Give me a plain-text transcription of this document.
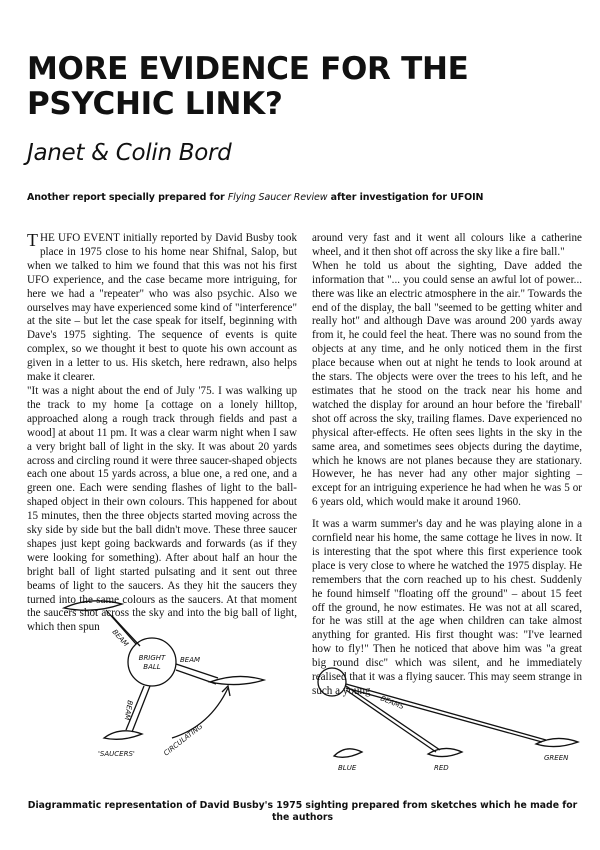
MORE EVIDENCE FOR THE PSYCHIC LINK?
Janet & Colin Bord
Another report specially prepared for Flying Saucer Review after investigation for UFOIN

THE UFO EVENT initially reported by David Busby took place in 1975 close to his home near Shifnal, Salop, but when we talked to him we found that this was not his first UFO experience, and the case became more intriguing, for here we had a "repeater" who was also psychic. Also we ourselves may have experienced some kind of "interference" at the site – but let the case speak for itself, beginning with Dave's 1975 sighting. The sequence of events is quite complex, so we thought it best to quote his own account as given in a letter to us. His sketch, here redrawn, also helps make it clearer.

"It was a night about the end of July '75. I was walking up the track to my home [a cottage on a lonely hilltop, approached along a rough track through fields and past a wood] at about 11 pm. It was a clear warm night when I saw a very bright ball of light in the sky. It was about 20 yards across and circling round it were three saucer-shaped objects each one about 15 yards across, a blue one, a red one, and a green one. Each were sending flashes of light to the ball-shaped object in their own colours. This happened for about 15 minutes, then the three objects started moving across the sky side by side but the ball didn't move. These three saucer shapes just kept going backwards and forwards (as if they were looking for something). After about half an hour the bright ball of light started pulsating and it sent out three beams of light to the saucers. As they hit the saucers they turned into the same colours as the saucers. At that moment the saucers shot across the sky and into the big ball of light, which then spun

around very fast and it went all colours like a catherine wheel, and it then shot off across the sky like a fire ball."

When he told us about the sighting, Dave added the information that "... you could sense an awful lot of power... there was like an electric atmosphere in the air." Towards the end of the display, the ball "seemed to be getting whiter and really hot" and although Dave was around 200 yards away from it, he could feel the heat. There was no sound from the objects at any time, and he only noticed them in the first place because when out at night he tends to look around at the stars. The objects were over the trees to his left, and he estimates that he stood on the track near his home and watched the display for around an hour before the 'fireball' shot off across the sky, trailing flames. Dave experienced no physical after-effects. He often sees lights in the sky in the same area, and sometimes sees objects during the daytime, which he knows are not planes because they are stationary. However, he has never had any other major sighting – except for an intriguing experience he had when he was 5 or 6 years old, which would make it around 1960.

It was a warm summer's day and he was playing alone in a cornfield near his home, the same cottage he lives in now. It is interesting that the spot where this first experience took place is very close to where he watched the 1975 display. He remembers that the corn reached up to his chest. Suddenly he found himself "floating off the ground" – about 15 feet off the ground, he now estimates. He was not at all scared, for he was still at the age when children can take almost anything for granted. His first thought was: "I've learned how to fly!" Then he noticed that above him was "a great big round disc" which was silent, and he immediately realised that it was a flying saucer. This may seem strange in such a young

BRIGHT
BALL
BEAM
BEAM
BEAM
'SAUCERS'	CIRCULATING
BEAMS
BLUE	RED
GREEN
Diagrammatic representation of David Busby's 1975 sighting prepared from sketches which he made for the authors
